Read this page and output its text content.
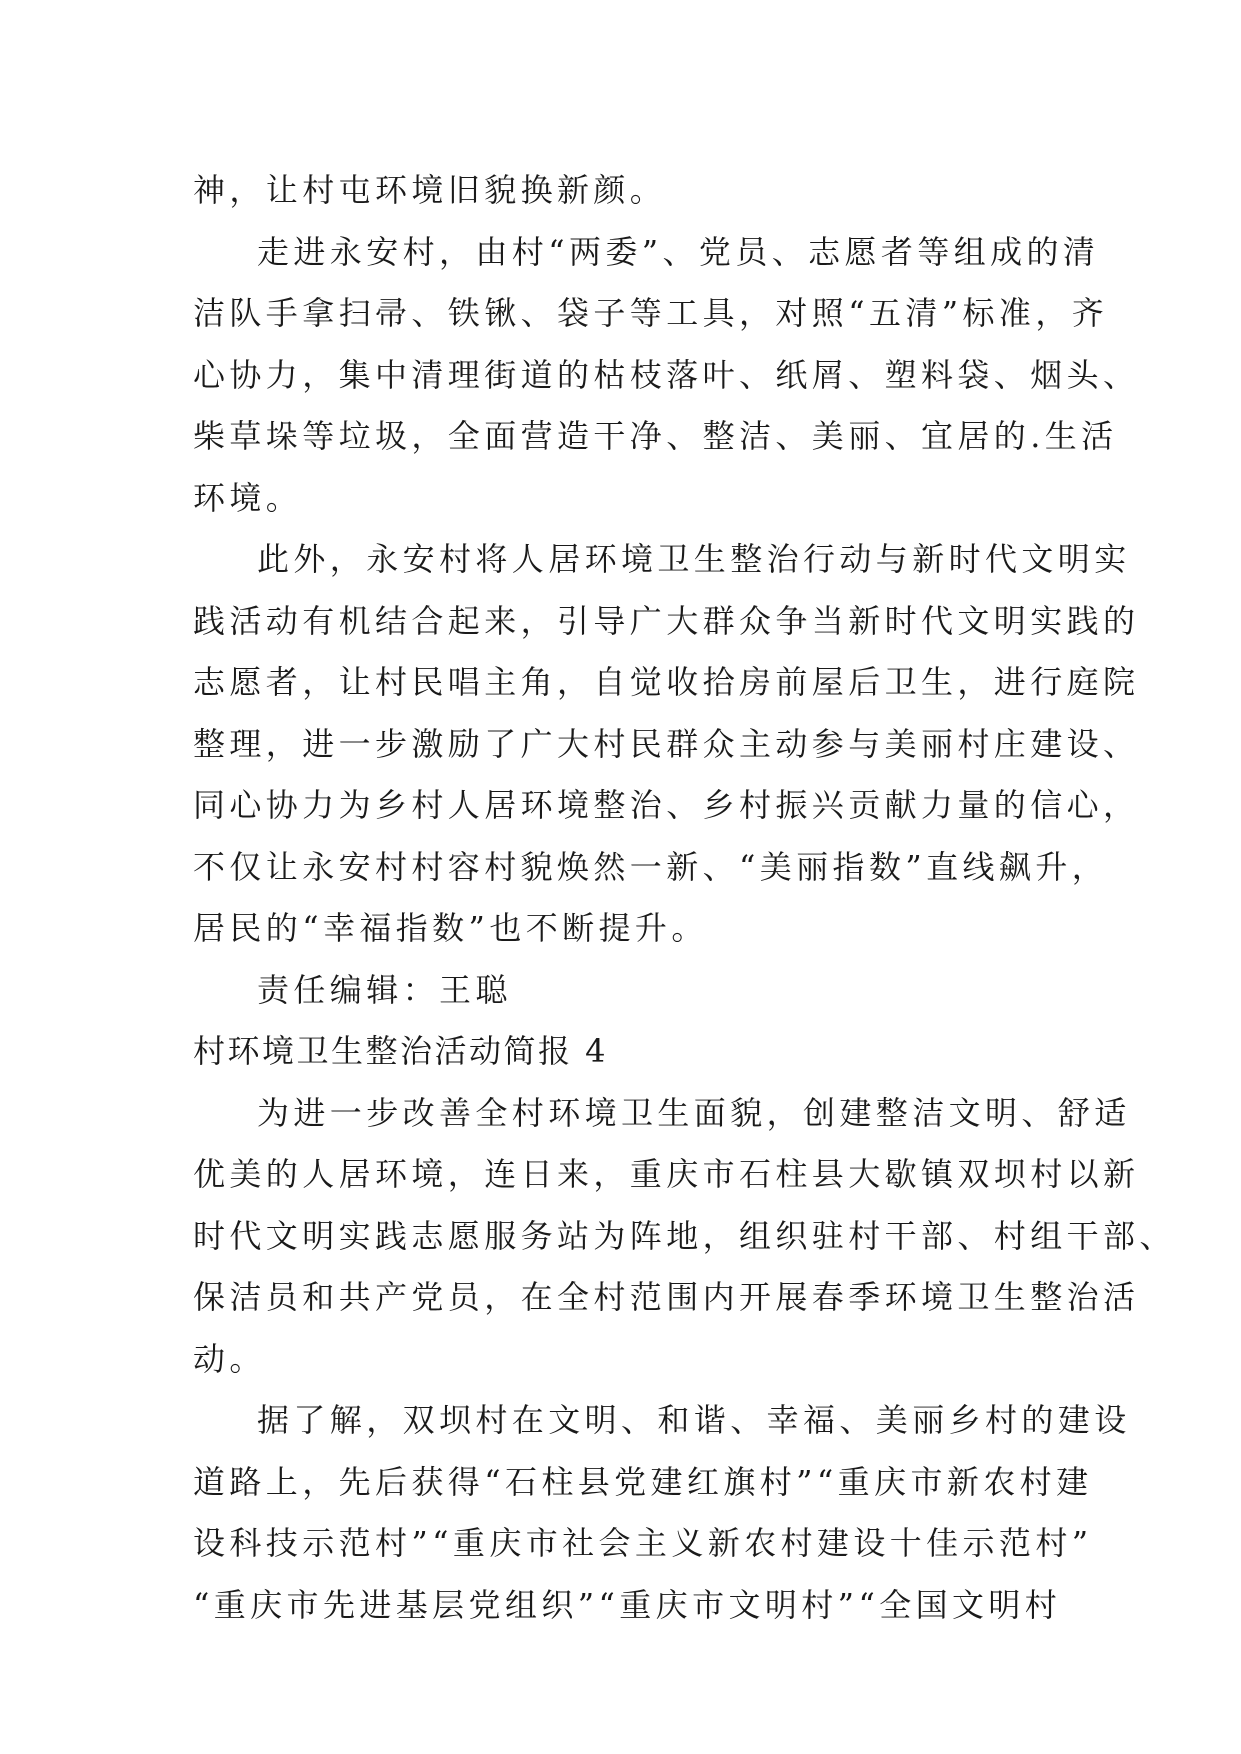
神，让村屯环境旧貌换新颜。
走进永安村，由村“两委”、党员、志愿者等组成的清
洁队手拿扫帚、铁锹、袋子等工具，对照“五清”标准，齐
心协力，集中清理街道的枯枝落叶、纸屑、塑料袋、烟头、
柴草垛等垃圾，全面营造干净、整洁、美丽、宜居的.生活
环境。
此外，永安村将人居环境卫生整治行动与新时代文明实
践活动有机结合起来，引导广大群众争当新时代文明实践的
志愿者，让村民唱主角，自觉收拾房前屋后卫生，进行庭院
整理，进一步激励了广大村民群众主动参与美丽村庄建设、
同心协力为乡村人居环境整治、乡村振兴贡献力量的信心，
不仅让永安村村容村貌焕然一新、“美丽指数”直线飙升，
居民的“幸福指数”也不断提升。
责任编辑：王聪
村环境卫生整治活动简报 4
为进一步改善全村环境卫生面貌，创建整洁文明、舒适
优美的人居环境，连日来，重庆市石柱县大歇镇双坝村以新
时代文明实践志愿服务站为阵地，组织驻村干部、村组干部、
保洁员和共产党员，在全村范围内开展春季环境卫生整治活
动。
据了解，双坝村在文明、和谐、幸福、美丽乡村的建设
道路上，先后获得“石柱县党建红旗村”“重庆市新农村建
设科技示范村”“重庆市社会主义新农村建设十佳示范村”
“重庆市先进基层党组织”“重庆市文明村”“全国文明村
